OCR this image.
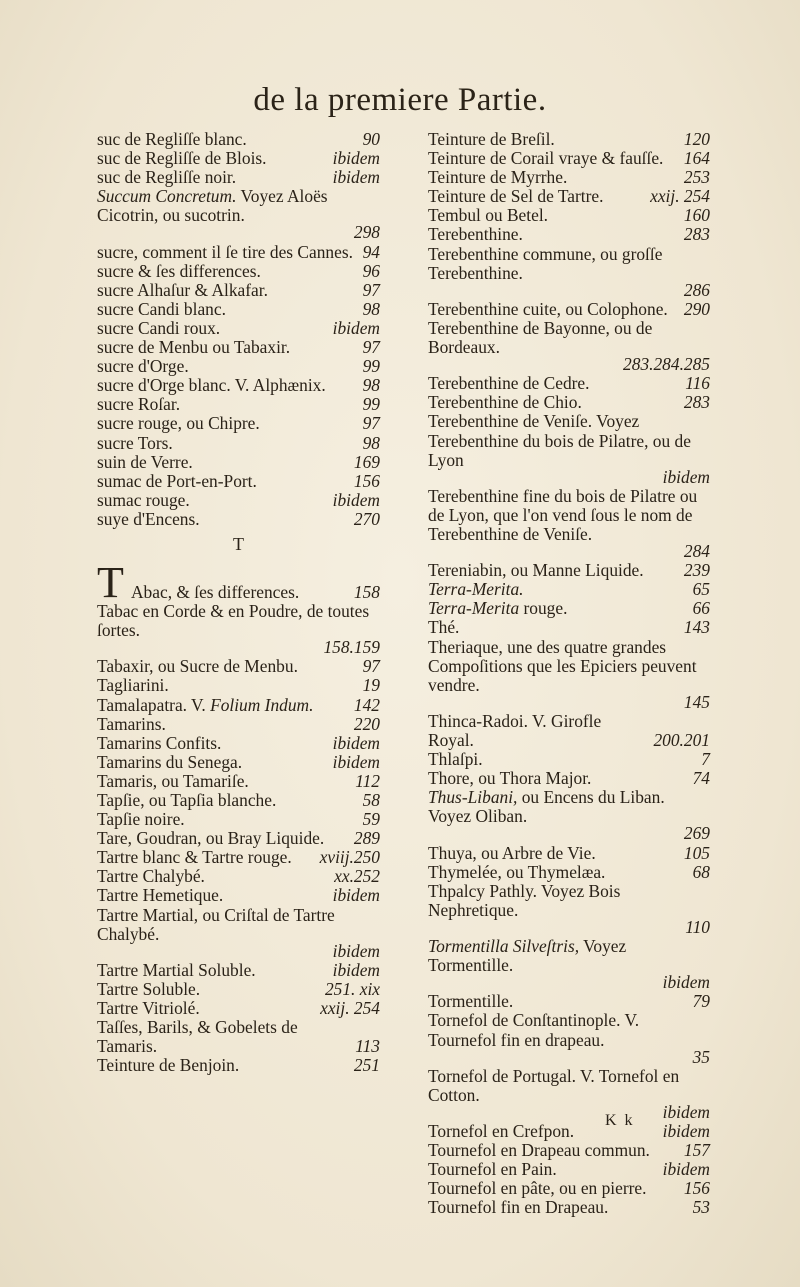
de la premiere Partie.
suc de Regliſſe blanc.	90
suc de Regliſſe de Blois.	ibidem
suc de Regliſſe noir.	ibidem
Succum Concretum. Voyez Aloës Cicotrin, ou sucotrin.
298
sucre, comment il ſe tire des Cannes. 94
sucre & ſes differences.	96
sucre Alhaſur & Alkafar.	97
sucre Candi blanc.	98
sucre Candi roux.	ibidem
sucre de Menbu ou Tabaxir.	97
sucre d'Orge.	99
sucre d'Orge blanc. V. Alphænix.	98
sucre Roſar.	99
sucre rouge, ou Chipre.	97
sucre Tors.	98
suin de Verre.	169
sumac de Port-en-Port.	156
sumac rouge.	ibidem
suye d'Encens.	270
T
T Abac, & ſes differences.	158
Tabac en Corde & en Poudre, de toutes ſortes.
158.159
Tabaxir, ou Sucre de Menbu.	97
Tagliarini.	19
Tamalapatra. V. Folium Indum.	142
Tamarins.	220
Tamarins Confits.	ibidem
Tamarins du Senega.	ibidem
Tamaris, ou Tamariſe.	112
Tapſie, ou Tapſia blanche.	58
Tapſie noire.	59
Tare, Goudran, ou Bray Liquide.	289
Tartre blanc & Tartre rouge.	xviij.250
Tartre Chalybé.	xx.252
Tartre Hemetique.	ibidem
Tartre Martial, ou Criſtal de Tartre Chalybé.
ibidem
Tartre Martial Soluble.	ibidem
Tartre Soluble.	251. xix
Tartre Vitriolé.	xxij. 254
Taſſes, Barils, & Gobelets de Tamaris.	113
Teinture de Benjoin.	251
Teinture de Breſil.	120
Teinture de Corail vraye & fauſſe.	164
Teinture de Myrrhe.	253
Teinture de Sel de Tartre.	xxij. 254
Tembul ou Betel.	160
Terebenthine.	283
Terebenthine commune, ou groſſe Terebenthine.
286
Terebenthine cuite, ou Colophone. 290
Terebenthine de Bayonne, ou de Bordeaux.
283.284.285
Terebenthine de Cedre.	116
Terebenthine de Chio.	283
Terebenthine de Veniſe. Voyez Terebenthine du bois de Pilatre, ou de Lyon
ibidem
Terebenthine fine du bois de Pilatre ou de Lyon, que l'on vend ſous le nom de Terebenthine de Veniſe.
284
Tereniabin, ou Manne Liquide.	239
Terra-Merita.	65
Terra-Merita rouge.	66
Thé.	143
Theriaque, une des quatre grandes Compoſitions que les Epiciers peuvent vendre.
145
Thinca-Radoi. V. Girofle Royal.	200.201
Thlaſpi.	7
Thore, ou Thora Major.	74
Thus-Libani, ou Encens du Liban. Voyez Oliban.
269
Thuya, ou Arbre de Vie.	105
Thymelée, ou Thymelæa.	68
Thpalcy Pathly. Voyez Bois Nephretique.
110
Tormentilla Silveſtris, Voyez Tormentille.
ibidem
Tormentille.	79
Tornefol de Conſtantinople. V. Tournefol fin en drapeau.
35
Tornefol de Portugal. V. Tornefol en Cotton.
ibidem
Tornefol en Crefpon.	ibidem
Tournefol en Drapeau commun.	157
Tournefol en Pain.	ibidem
Tournefol en pâte, ou en pierre.	156
Tournefol fin en Drapeau.	53
K k
